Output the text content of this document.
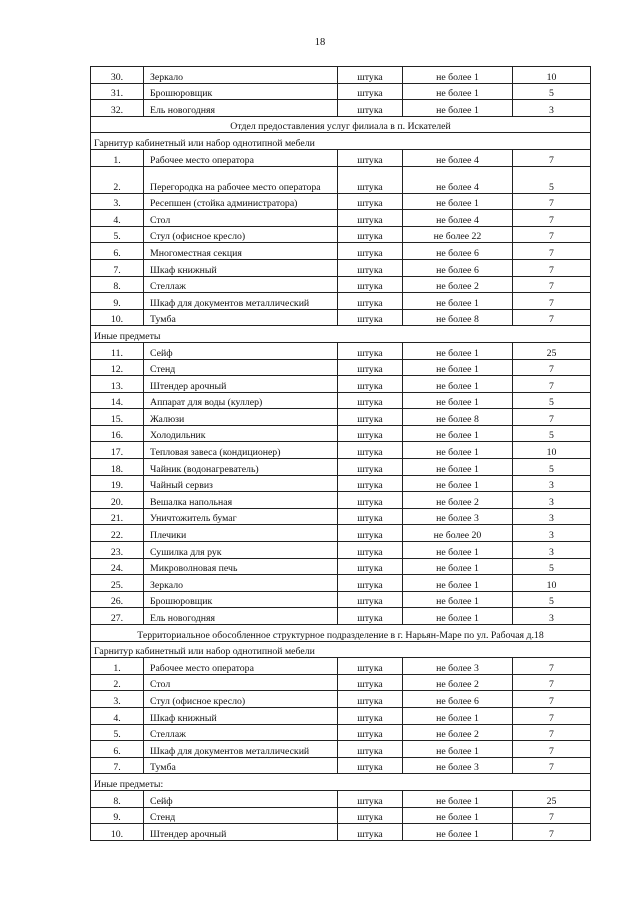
18
30.	Зеркало	штука	не более 1	10
31.	Брошюровщик	штука	не более 1	5
32.	Ель новогодняя	штука	не более 1	3
Отдел предоставления услуг филиала в п. Искателей				
Гарнитур кабинетный или набор однотипной мебели				
1.	Рабочее место оператора	штука	не более 4	7
2.	Перегородка на рабочее место оператора	штука	не более 4	5
3.	Ресепшен (стойка администратора)	штука	не более 1	7
4.	Стол	штука	не более 4	7
5.	Стул (офисное кресло)	штука	не более 22	7
6.	Многоместная секция	штука	не более 6	7
7.	Шкаф книжный	штука	не более 6	7
8.	Стеллаж	штука	не более 2	7
9.	Шкаф для документов металлический	штука	не более 1	7
10.	Тумба	штука	не более 8	7
Иные предметы				
11.	Сейф	штука	не более 1	25
12.	Стенд	штука	не более 1	7
13.	Штендер арочный	штука	не более 1	7
14.	Аппарат для воды (куллер)	штука	не более 1	5
15.	Жалюзи	штука	не более 8	7
16.	Холодильник	штука	не более 1	5
17.	Тепловая завеса (кондиционер)	штука	не более 1	10
18.	Чайник (водонагреватель)	штука	не более 1	5
19.	Чайный сервиз	штука	не более 1	3
20.	Вешалка напольная	штука	не более 2	3
21.	Уничтожитель бумаг	штука	не более 3	3
22.	Плечики	штука	не более 20	3
23.	Сушилка для рук	штука	не более 1	3
24.	Микроволновая печь	штука	не более 1	5
25.	Зеркало	штука	не более 1	10
26.	Брошюровщик	штука	не более 1	5
27.	Ель новогодняя	штука	не более 1	3
Территориальное обособленное структурное подразделение в г. Нарьян-Маре по ул. Рабочая д.18				
Гарнитур кабинетный или набор однотипной мебели				
1.	Рабочее место оператора	штука	не более 3	7
2.	Стол	штука	не более 2	7
3.	Стул (офисное кресло)	штука	не более 6	7
4.	Шкаф книжный	штука	не более 1	7
5.	Стеллаж	штука	не более 2	7
6.	Шкаф для документов металлический	штука	не более 1	7
7.	Тумба	штука	не более 3	7
Иные предметы:				
8.	Сейф	штука	не более 1	25
9.	Стенд	штука	не более 1	7
10.	Штендер арочный	штука	не более 1	7
